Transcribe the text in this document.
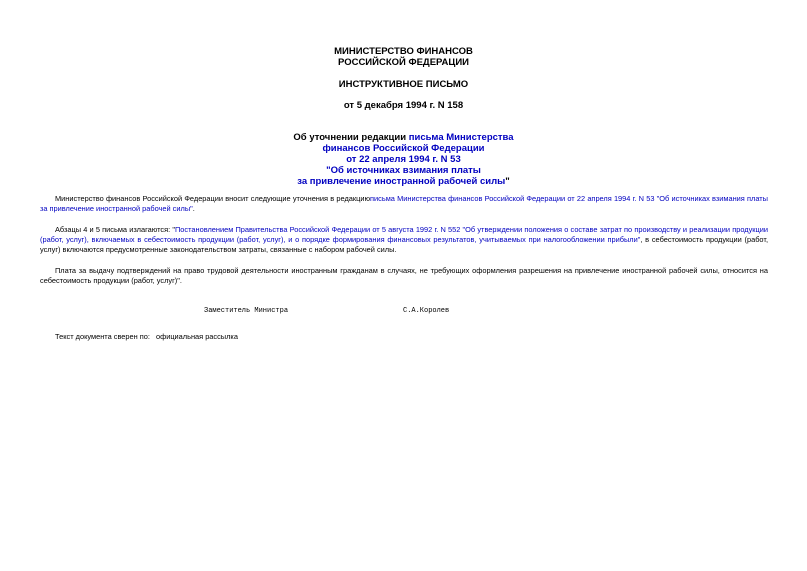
МИНИСТЕРСТВО ФИНАНСОВ
РОССИЙСКОЙ ФЕДЕРАЦИИ
ИНСТРУКТИВНОЕ ПИСЬМО
от 5 декабря 1994 г. N 158
Об уточнении редакции письма Министерства
финансов Российской Федерации
от 22 апреля 1994 г. N 53
"Об источниках взимания платы
за привлечение иностранной рабочей силы"

Министерство финансов Российской Федерации вносит следующие уточнения в редакциюписьма Министерства финансов Российской Федерации от 22 апреля 1994 г. N 53 "Об источниках взимания платы за привлечение иностранной рабочей силы".

Абзацы 4 и 5 письма излагаются: "Постановлением Правительства Российской Федерации от 5 августа 1992 г. N 552 "Об утверждении положения о составе затрат по производству и реализации продукции (работ, услуг), включаемых в себестоимость продукции (работ, услуг), и о порядке формирования финансовых результатов, учитываемых при налогообложении прибыли", в себестоимость продукции (работ, услуг) включаются предусмотренные законодательством затраты, связанные с набором рабочей силы.

Плата за выдачу подтверждений на право трудовой деятельности иностранным гражданам в случаях, не требующих оформления разрешения на привлечение иностранной рабочей силы, относится на себестоимость продукции (работ, услуг)".

Заместитель Министра	С.А.Королев
Текст документа сверен по: официальная рассылка
